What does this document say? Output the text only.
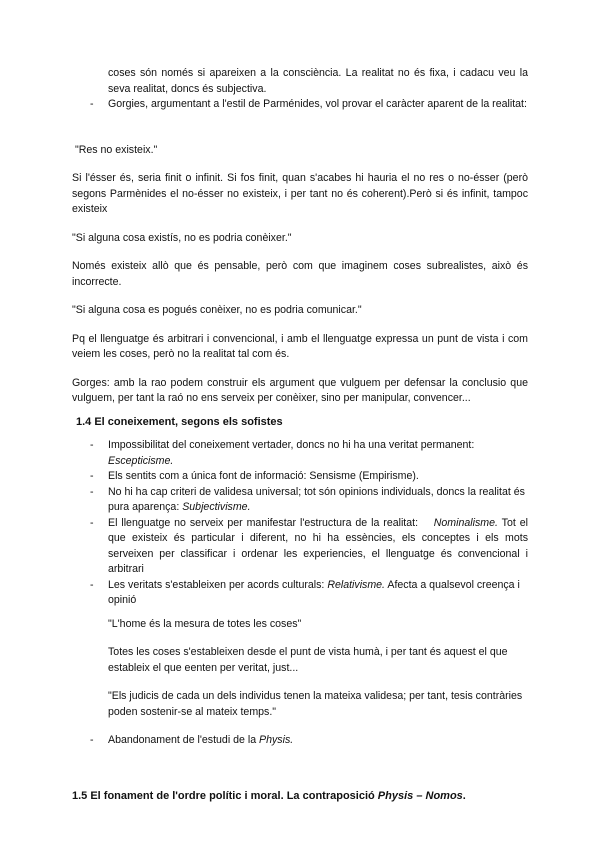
coses són només si apareixen a la consciència. La realitat no és fixa, i cadacu veu la seva realitat, doncs és subjectiva.

- Gorgies, argumentant a l'estil de Parménides, vol provar el caràcter aparent de la realitat:

"Res no existeix."

Si l'ésser és, seria finit o infinit. Si fos finit, quan s'acabes hi hauria el no res o no-ésser (però segons Parmènides el no-ésser no existeix, i per tant no és coherent).Però si és infinit, tampoc existeix

"Si alguna cosa existís, no es podria conèixer."

Només existeix allò que és pensable, però com que imaginem coses subrealistes, això és incorrecte.

"Si alguna cosa es pogués conèixer, no es podria comunicar."

Pq el llenguatge és arbitrari i convencional, i amb el llenguatge expressa un punt de vista i com veiem les coses, però no la realitat tal com és.

Gorges: amb la rao podem construir els argument que vulguem per defensar la conclusio que vulguem, per tant la raó no ens serveix per conèixer, sino per manipular, convencer...

1.4 El coneixement, segons els sofistes

- Impossibilitat del coneixement vertader, doncs no hi ha una veritat permanent:
Escepticisme.
- Els sentits com a única font de informació: Sensisme (Empirisme).
- No hi ha cap criteri de validesa universal; tot són opinions individuals, doncs la realitat és pura aparença: Subjectivisme.
- El llenguatge no serveix per manifestar l'estructura de la realitat: Nominalisme. Tot el que existeix és particular i diferent, no hi ha essències, els conceptes i els mots serveixen per classificar i ordenar les experiencies, el llenguatge és convencional i arbitrari
- Les veritats s'estableixen per acords culturals: Relativisme. Afecta a qualsevol creença i opinió

"L'home és la mesura de totes les coses"

Totes les coses s'estableixen desde el punt de vista humà, i per tant és aquest el que estableix el que eenten per veritat, just...

"Els judicis de cada un dels individus tenen la mateixa validesa; per tant, tesis contràries poden sostenir-se al mateix temps."

- Abandonament de l'estudi de la Physis.

1.5 El fonament de l'ordre polític i moral. La contraposició Physis – Nomos.
